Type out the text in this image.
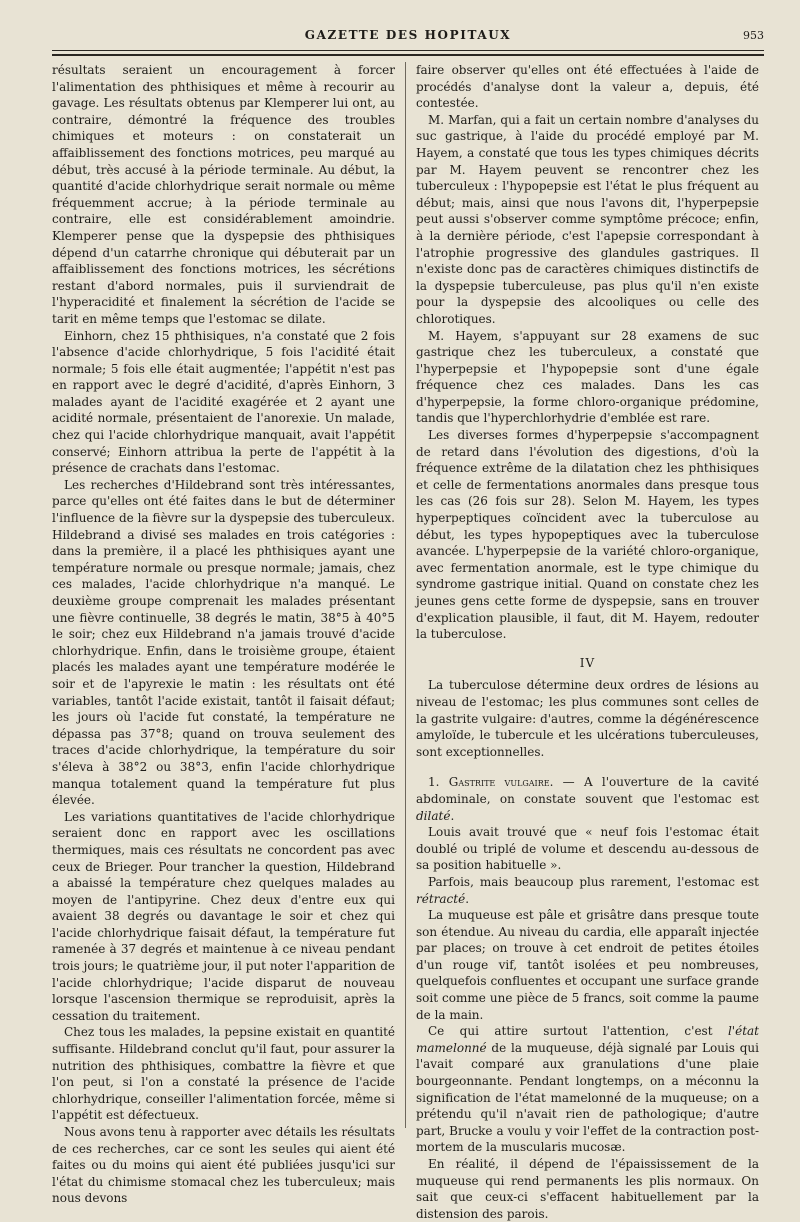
GAZETTE DES HOPITAUX	953

résultats seraient un encouragement à forcer l'alimentation des phthisiques et même à recourir au gavage. Les résultats obtenus par Klemperer lui ont, au contraire, démontré la fréquence des troubles chimiques et moteurs : on constaterait un affaiblissement des fonctions motrices, peu marqué au début, très accusé à la période terminale. Au début, la quantité d'acide chlorhydrique serait normale ou même fréquemment accrue; à la période terminale au contraire, elle est considérablement amoindrie. Klemperer pense que la dyspepsie des phthisiques dépend d'un catarrhe chronique qui débuterait par un affaiblissement des fonctions motrices, les sécrétions restant d'abord normales, puis il surviendrait de l'hyperacidité et finalement la sécrétion de l'acide se tarit en même temps que l'estomac se dilate.

Einhorn, chez 15 phthisiques, n'a constaté que 2 fois l'absence d'acide chlorhydrique, 5 fois l'acidité était normale; 5 fois elle était augmentée; l'appétit n'est pas en rapport avec le degré d'acidité, d'après Einhorn, 3 malades ayant de l'acidité exagérée et 2 ayant une acidité normale, présentaient de l'anorexie. Un malade, chez qui l'acide chlorhydrique manquait, avait l'appétit conservé; Einhorn attribua la perte de l'appétit à la présence de crachats dans l'estomac.

Les recherches d'Hildebrand sont très intéressantes, parce qu'elles ont été faites dans le but de déterminer l'influence de la fièvre sur la dyspepsie des tuberculeux. Hildebrand a divisé ses malades en trois catégories : dans la première, il a placé les phthisiques ayant une température normale ou presque normale; jamais, chez ces malades, l'acide chlorhydrique n'a manqué. Le deuxième groupe comprenait les malades présentant une fièvre continuelle, 38 degrés le matin, 38°5 à 40°5 le soir; chez eux Hildebrand n'a jamais trouvé d'acide chlorhydrique. Enfin, dans le troisième groupe, étaient placés les malades ayant une température modérée le soir et de l'apyrexie le matin : les résultats ont été variables, tantôt l'acide existait, tantôt il faisait défaut; les jours où l'acide fut constaté, la température ne dépassa pas 37°8; quand on trouva seulement des traces d'acide chlorhydrique, la température du soir s'éleva à 38°2 ou 38°3, enfin l'acide chlorhydrique manqua totalement quand la température fut plus élevée.

Les variations quantitatives de l'acide chlorhydrique seraient donc en rapport avec les oscillations thermiques, mais ces résultats ne concordent pas avec ceux de Brieger. Pour trancher la question, Hildebrand a abaissé la température chez quelques malades au moyen de l'antipyrine. Chez deux d'entre eux qui avaient 38 degrés ou davantage le soir et chez qui l'acide chlorhydrique faisait défaut, la température fut ramenée à 37 degrés et maintenue à ce niveau pendant trois jours; le quatrième jour, il put noter l'apparition de l'acide chlorhydrique; l'acide disparut de nouveau lorsque l'ascension thermique se reproduisit, après la cessation du traitement.

Chez tous les malades, la pepsine existait en quantité suffisante. Hildebrand conclut qu'il faut, pour assurer la nutrition des phthisiques, combattre la fièvre et que l'on peut, si l'on a constaté la présence de l'acide chlorhydrique, conseiller l'alimentation forcée, même si l'appétit est défectueux.

Nous avons tenu à rapporter avec détails les résultats de ces recherches, car ce sont les seules qui aient été faites ou du moins qui aient été publiées jusqu'ici sur l'état du chimisme stomacal chez les tuberculeux; mais nous devons

faire observer qu'elles ont été effectuées à l'aide de procédés d'analyse dont la valeur a, depuis, été contestée.

M. Marfan, qui a fait un certain nombre d'analyses du suc gastrique, à l'aide du procédé employé par M. Hayem, a constaté que tous les types chimiques décrits par M. Hayem peuvent se rencontrer chez les tuberculeux : l'hypopepsie est l'état le plus fréquent au début; mais, ainsi que nous l'avons dit, l'hyperpepsie peut aussi s'observer comme symptôme précoce; enfin, à la dernière période, c'est l'apepsie correspondant à l'atrophie progressive des glandules gastriques. Il n'existe donc pas de caractères chimiques distinctifs de la dyspepsie tuberculeuse, pas plus qu'il n'en existe pour la dyspepsie des alcooliques ou celle des chlorotiques.

M. Hayem, s'appuyant sur 28 examens de suc gastrique chez les tuberculeux, a constaté que l'hyperpepsie et l'hypopepsie sont d'une égale fréquence chez ces malades. Dans les cas d'hyperpepsie, la forme chloro-organique prédomine, tandis que l'hyperchlorhydrie d'emblée est rare.

Les diverses formes d'hyperpepsie s'accompagnent de retard dans l'évolution des digestions, d'où la fréquence extrême de la dilatation chez les phthisiques et celle de fermentations anormales dans presque tous les cas (26 fois sur 28). Selon M. Hayem, les types hyperpeptiques coïncident avec la tuberculose au début, les types hypopeptiques avec la tuberculose avancée. L'hyperpepsie de la variété chloro-organique, avec fermentation anormale, est le type chimique du syndrome gastrique initial. Quand on constate chez les jeunes gens cette forme de dyspepsie, sans en trouver d'explication plausible, il faut, dit M. Hayem, redouter la tuberculose.

IV

La tuberculose détermine deux ordres de lésions au niveau de l'estomac; les plus communes sont celles de la gastrite vulgaire: d'autres, comme la dégénérescence amyloïde, le tubercule et les ulcérations tuberculeuses, sont exceptionnelles.

1. Gastrite vulgaire. — A l'ouverture de la cavité abdominale, on constate souvent que l'estomac est dilaté.

Louis avait trouvé que « neuf fois l'estomac était doublé ou triplé de volume et descendu au-dessous de sa position habituelle ».

Parfois, mais beaucoup plus rarement, l'estomac est rétracté.

La muqueuse est pâle et grisâtre dans presque toute son étendue. Au niveau du cardia, elle apparaît injectée par places; on trouve à cet endroit de petites étoiles d'un rouge vif, tantôt isolées et peu nombreuses, quelquefois confluentes et occupant une surface grande soit comme une pièce de 5 francs, soit comme la paume de la main.

Ce qui attire surtout l'attention, c'est l'état mamelonné de la muqueuse, déjà signalé par Louis qui l'avait comparé aux granulations d'une plaie bourgeonnante. Pendant longtemps, on a méconnu la signification de l'état mamelonné de la muqueuse; on a prétendu qu'il n'avait rien de pathologique; d'autre part, Brucke a voulu y voir l'effet de la contraction post-mortem de la muscularis mucosæ.

En réalité, il dépend de l'épaississement de la muqueuse qui rend permanents les plis normaux. On sait que ceux-ci s'effacent habituellement par la distension des parois.
